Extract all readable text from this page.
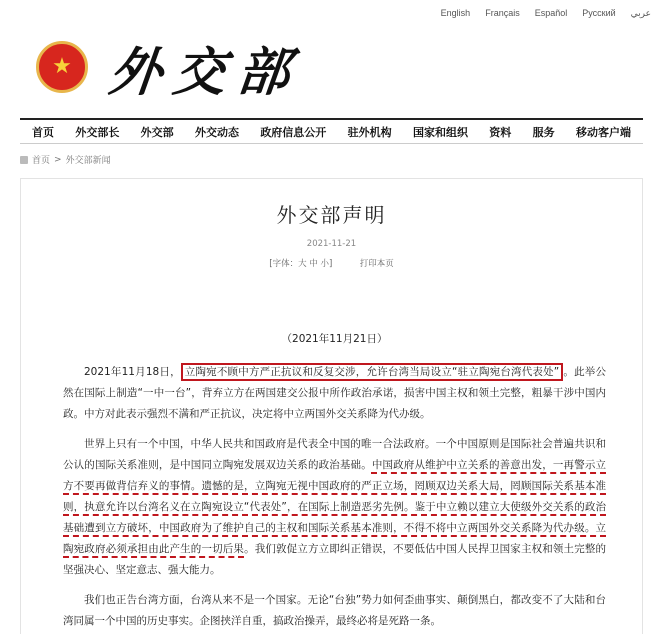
English Français Español Русский عربي
★ 外交部
首页 外交部长 外交部 外交动态 政府信息公开 驻外机构 国家和组织 资料 服务 移动客户端
首页 > 外交部新闻
外交部声明
2021-11-21
[字体：大 中 小]	打印本页

（2021年11月21日）

2021年11月18日， 立陶宛不顾中方严正抗议和反复交涉，允许台湾当局设立“驻立陶宛台湾代表处” 。此举公然在国际上制造“一中一台”，背弃立方在两国建交公报中所作政治承诺，损害中国主权和领土完整，粗暴干涉中国内政。中方对此表示强烈不满和严正抗议，决定将中立两国外交关系降为代办级。

世界上只有一个中国，中华人民共和国政府是代表全中国的唯一合法政府。一个中国原则是国际社会普遍共识和公认的国际关系准则，是中国同立陶宛发展双边关系的政治基础。中国政府从维护中立关系的善意出发，一再警示立方不要再做背信弃义的事情。遗憾的是，立陶宛无视中国政府的严正立场，罔顾双边关系大局，罔顾国际关系基本准则，执意允许以台湾名义在立陶宛设立“代表处”，在国际上制造恶劣先例。鉴于中立赖以建立大使级外交关系的政治基础遭到立方破坏，中国政府为了维护自己的主权和国际关系基本准则，不得不将中立两国外交关系降为代办级。立陶宛政府必须承担由此产生的一切后果。我们敦促立方立即纠正错误，不要低估中国人民捍卫国家主权和领土完整的坚强决心、坚定意志、强大能力。

我们也正告台湾方面，台湾从来不是一个国家。无论“台独”势力如何歪曲事实、颠倒黑白，都改变不了大陆和台湾同属一个中国的历史事实。企图挟洋自重，搞政治操弄，最终必将是死路一条。
